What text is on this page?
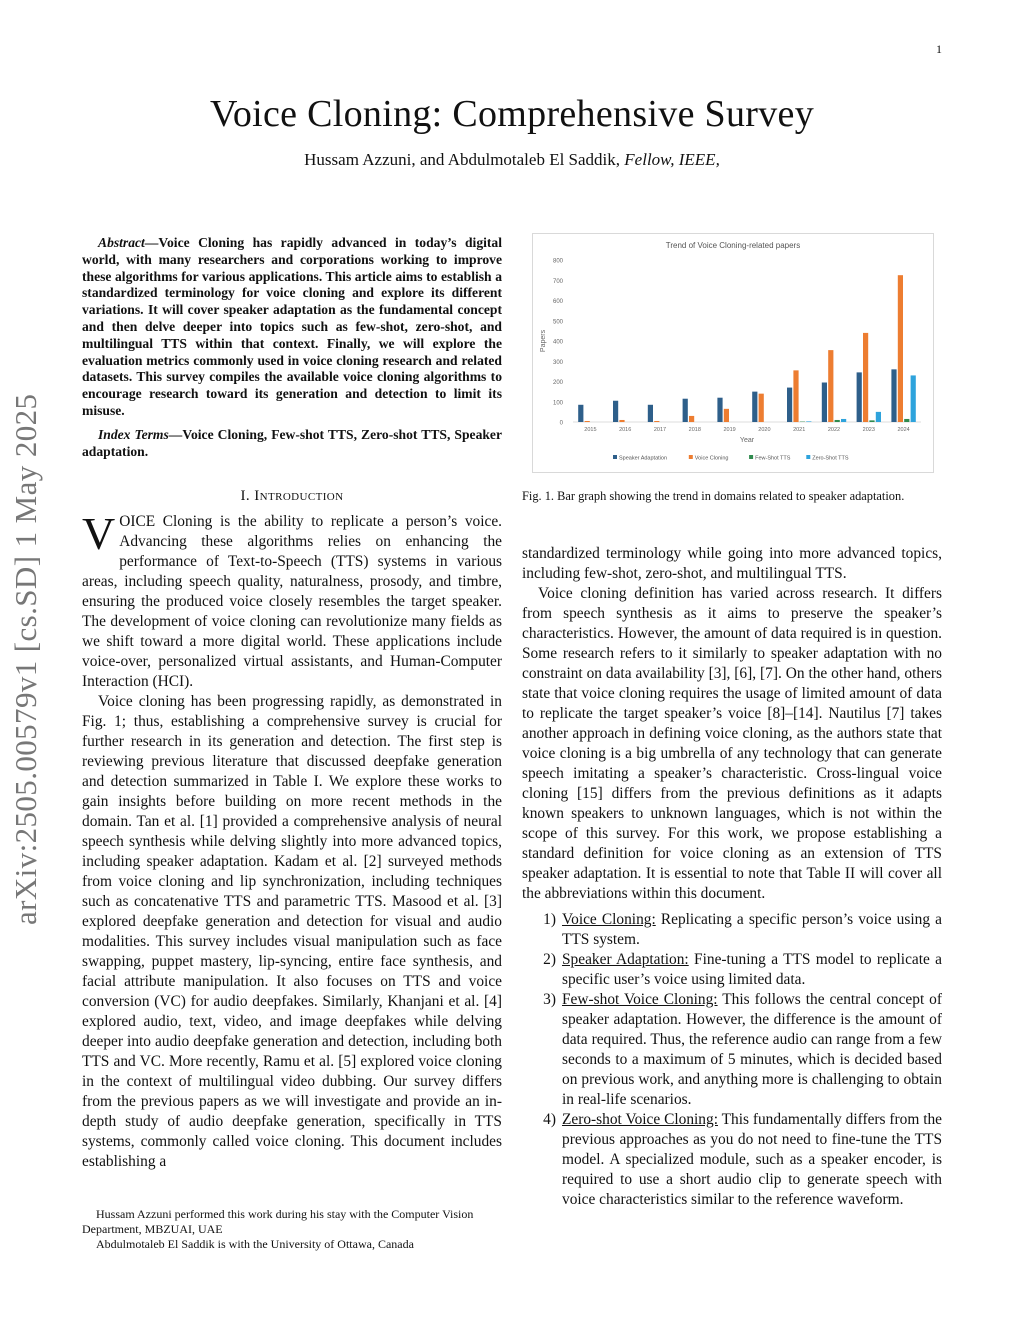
1
Voice Cloning: Comprehensive Survey
Hussam Azzuni, and Abdulmotaleb El Saddik, Fellow, IEEE,
arXiv:2505.00579v1 [cs.SD] 1 May 2025
Abstract—Voice Cloning has rapidly advanced in today’s digital world, with many researchers and corporations working to improve these algorithms for various applications. This article aims to establish a standardized terminology for voice cloning and explore its different variations. It will cover speaker adaptation as the fundamental concept and then delve deeper into topics such as few-shot, zero-shot, and multilingual TTS within that context. Finally, we will explore the evaluation metrics commonly used in voice cloning research and related datasets. This survey compiles the available voice cloning algorithms to encourage research toward its generation and detection to limit its misuse.
Index Terms—Voice Cloning, Few-shot TTS, Zero-shot TTS, Speaker adaptation.
I. Introduction

VOICE Cloning is the ability to replicate a person’s voice. Advancing these algorithms relies on enhancing the performance of Text-to-Speech (TTS) systems in various areas, including speech quality, naturalness, prosody, and timbre, ensuring the produced voice closely resembles the target speaker. The development of voice cloning can revolutionize many fields as we shift toward a more digital world. These applications include voice-over, personalized virtual assistants, and Human-Computer Interaction (HCI).

Voice cloning has been progressing rapidly, as demonstrated in Fig. 1; thus, establishing a comprehensive survey is crucial for further research in its generation and detection. The first step is reviewing previous literature that discussed deepfake generation and detection summarized in Table I. We explore these works to gain insights before building on more recent methods in the domain. Tan et al. [1] provided a comprehensive analysis of neural speech synthesis while delving slightly into more advanced topics, including speaker adaptation. Kadam et al. [2] surveyed methods from voice cloning and lip synchronization, including techniques such as concatenative TTS and parametric TTS. Masood et al. [3] explored deepfake generation and detection for visual and audio modalities. This survey includes visual manipulation such as face swapping, puppet mastery, lip-syncing, entire face synthesis, and facial attribute manipulation. It also focuses on TTS and voice conversion (VC) for audio deepfakes. Similarly, Khanjani et al. [4] explored audio, text, video, and image deepfakes while delving deeper into audio deepfake generation and detection, including both TTS and VC. More recently, Ramu et al. [5] explored voice cloning in the context of multilingual video dubbing. Our survey differs from the previous papers as we will investigate and provide an in-depth study of audio deepfake generation, specifically in TTS systems, commonly called voice cloning. This document includes establishing a

Hussam Azzuni performed this work during his stay with the Computer Vision Department, MBZUAI, UAE
Abdulmotaleb El Saddik is with the University of Ottawa, Canada
Trend of Voice Cloning-related papers
0
100
200
300
400
500
600
700
800
Papers
Year
2015	2016	2017	2018	2019	2020	2021	2022	2023	2024
Speaker Adaptation	Voice Cloning	Few-Shot TTS	Zero-Shot TTS
Fig. 1. Bar graph showing the trend in domains related to speaker adaptation.

standardized terminology while going into more advanced topics, including few-shot, zero-shot, and multilingual TTS.

Voice cloning definition has varied across research. It differs from speech synthesis as it aims to preserve the speaker’s characteristics. However, the amount of data required is in question. Some research refers to it similarly to speaker adaptation with no constraint on data availability [3], [6], [7]. On the other hand, others state that voice cloning requires the usage of limited amount of data to replicate the target speaker’s voice [8]–[14]. Nautilus [7] takes another approach in defining voice cloning, as the authors state that voice cloning is a big umbrella of any technology that can generate speech imitating a speaker’s characteristic. Cross-lingual voice cloning [15] differs from the previous definitions as it adapts known speakers to unknown languages, which is not within the scope of this survey. For this work, we propose establishing a standard definition for voice cloning as an extension of TTS speaker adaptation. It is essential to note that Table II will cover all the abbreviations within this document.

1) Voice Cloning: Replicating a specific person’s voice using a TTS system.
2) Speaker Adaptation: Fine-tuning a TTS model to replicate a specific user’s voice using limited data.
3) Few-shot Voice Cloning: This follows the central concept of speaker adaptation. However, the difference is the amount of data required. Thus, the reference audio can range from a few seconds to a maximum of 5 minutes, which is decided based on previous work, and anything more is challenging to obtain in real-life scenarios.
4) Zero-shot Voice Cloning: This fundamentally differs from the previous approaches as you do not need to fine-tune the TTS model. A specialized module, such as a speaker encoder, is required to use a short audio clip to generate speech with voice characteristics similar to the reference waveform.
